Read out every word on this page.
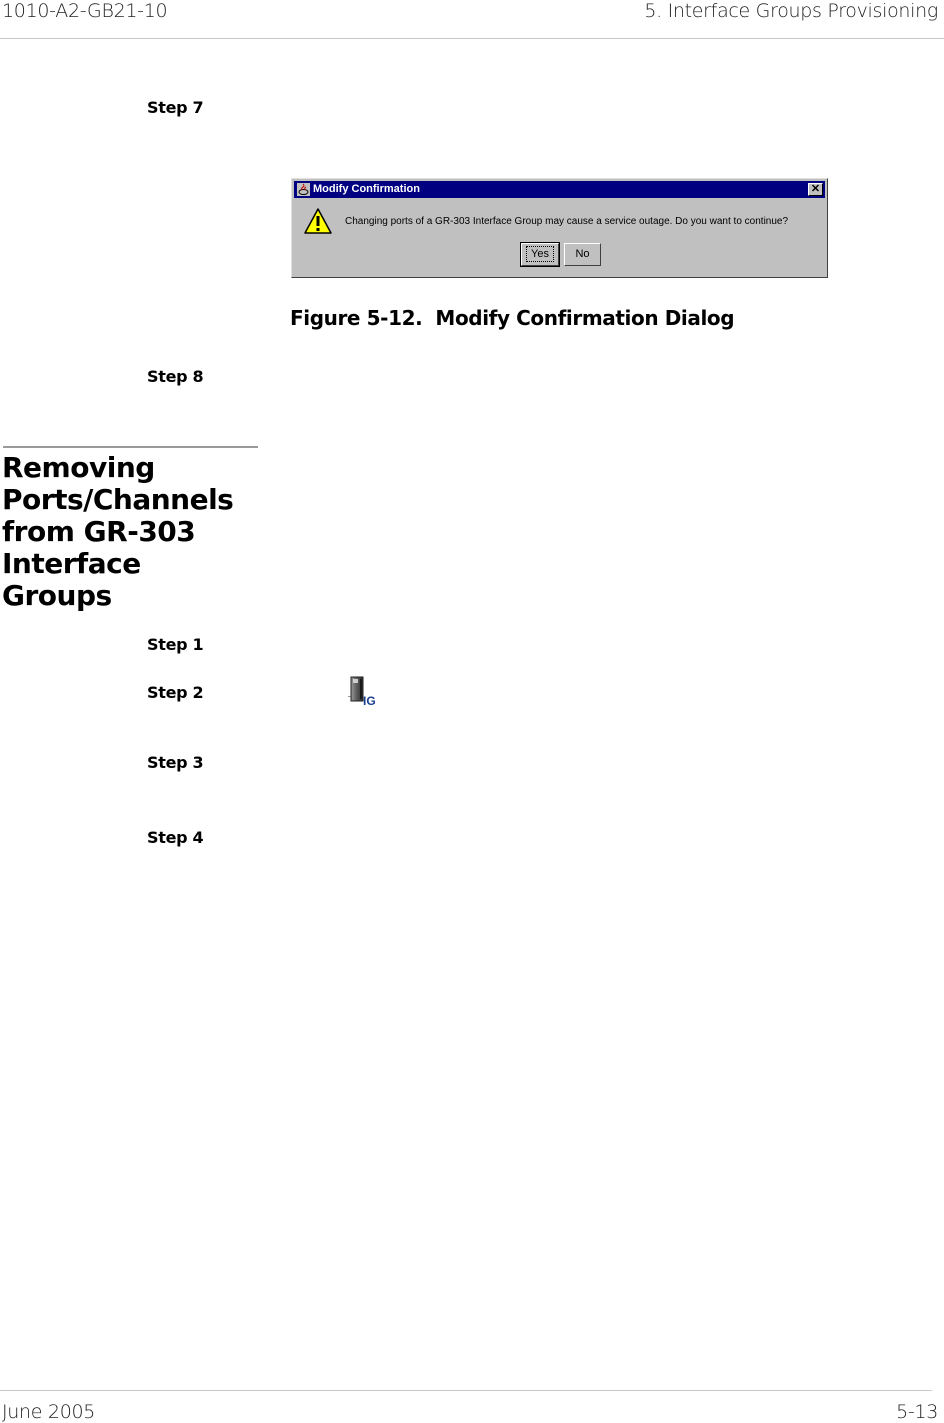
1010-A2-GB21-10	5. Interface Groups Provisioning
Step 7
Modify Confirmation	✕
Changing ports of a GR-303 Interface Group may cause a service outage. Do you want to continue?
Yes	No
Figure 5-12.  Modify Confirmation Dialog
Step 8
Removing
Ports/Channels
from GR-303
Interface
Groups
Step 1
Step 2	IG
Step 3
Step 4
June 2005	5-13
